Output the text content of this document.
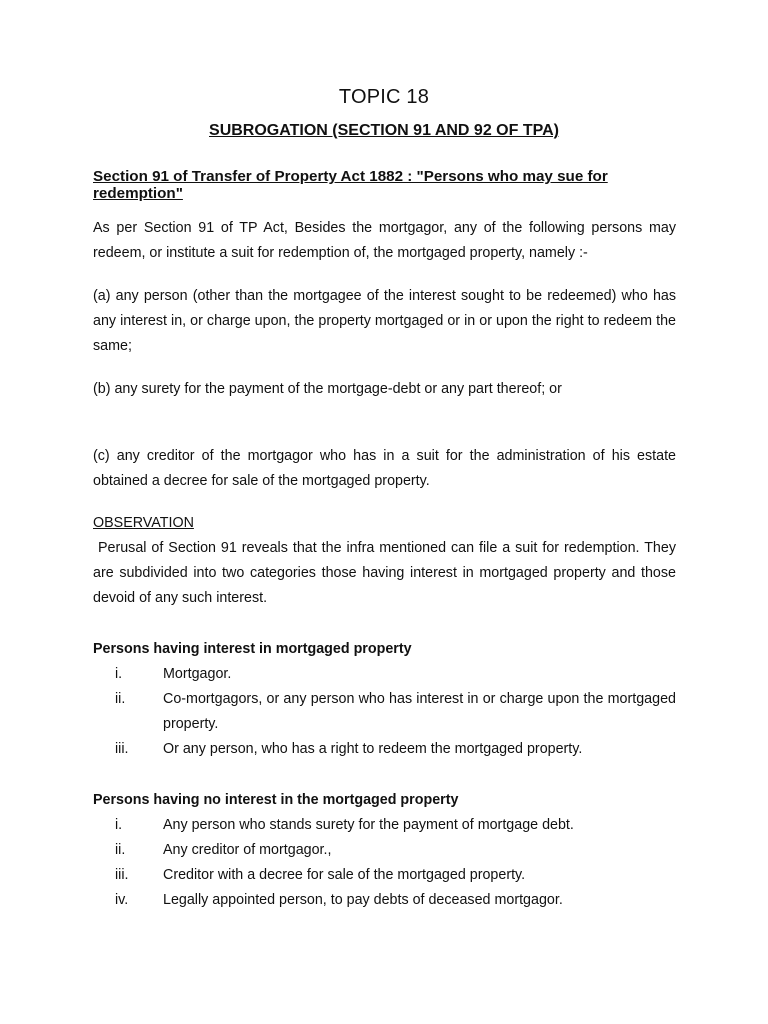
TOPIC 18
SUBROGATION (SECTION 91 AND 92 OF TPA)

Section 91 of Transfer of Property Act 1882 : "Persons who may sue for redemption"

As per Section 91 of TP Act, Besides the mortgagor, any of the following persons may redeem, or institute a suit for redemption of, the mortgaged property, namely :-

(a) any person (other than the mortgagee of the interest sought to be redeemed) who has any interest in, or charge upon, the property mortgaged or in or upon the right to redeem the same;

(b) any surety for the payment of the mortgage-debt or any part thereof; or

(c) any creditor of the mortgagor who has in a suit for the administration of his estate obtained a decree for sale of the mortgaged property.

OBSERVATION
Perusal of Section 91 reveals that the infra mentioned can file a suit for redemption. They are subdivided into two categories those having interest in mortgaged property and those devoid of any such interest.
Persons having interest in mortgaged property
i.	Mortgagor.
ii.	Co-mortgagors, or any person who has interest in or charge upon the mortgaged property.
iii.	Or any person, who has a right to redeem the mortgaged property.
Persons having no interest in the mortgaged property
i.	Any person who stands surety for the payment of mortgage debt.
ii.	Any creditor of mortgagor.,
iii.	Creditor with a decree for sale of the mortgaged property.
iv.	Legally appointed person, to pay debts of deceased mortgagor.
